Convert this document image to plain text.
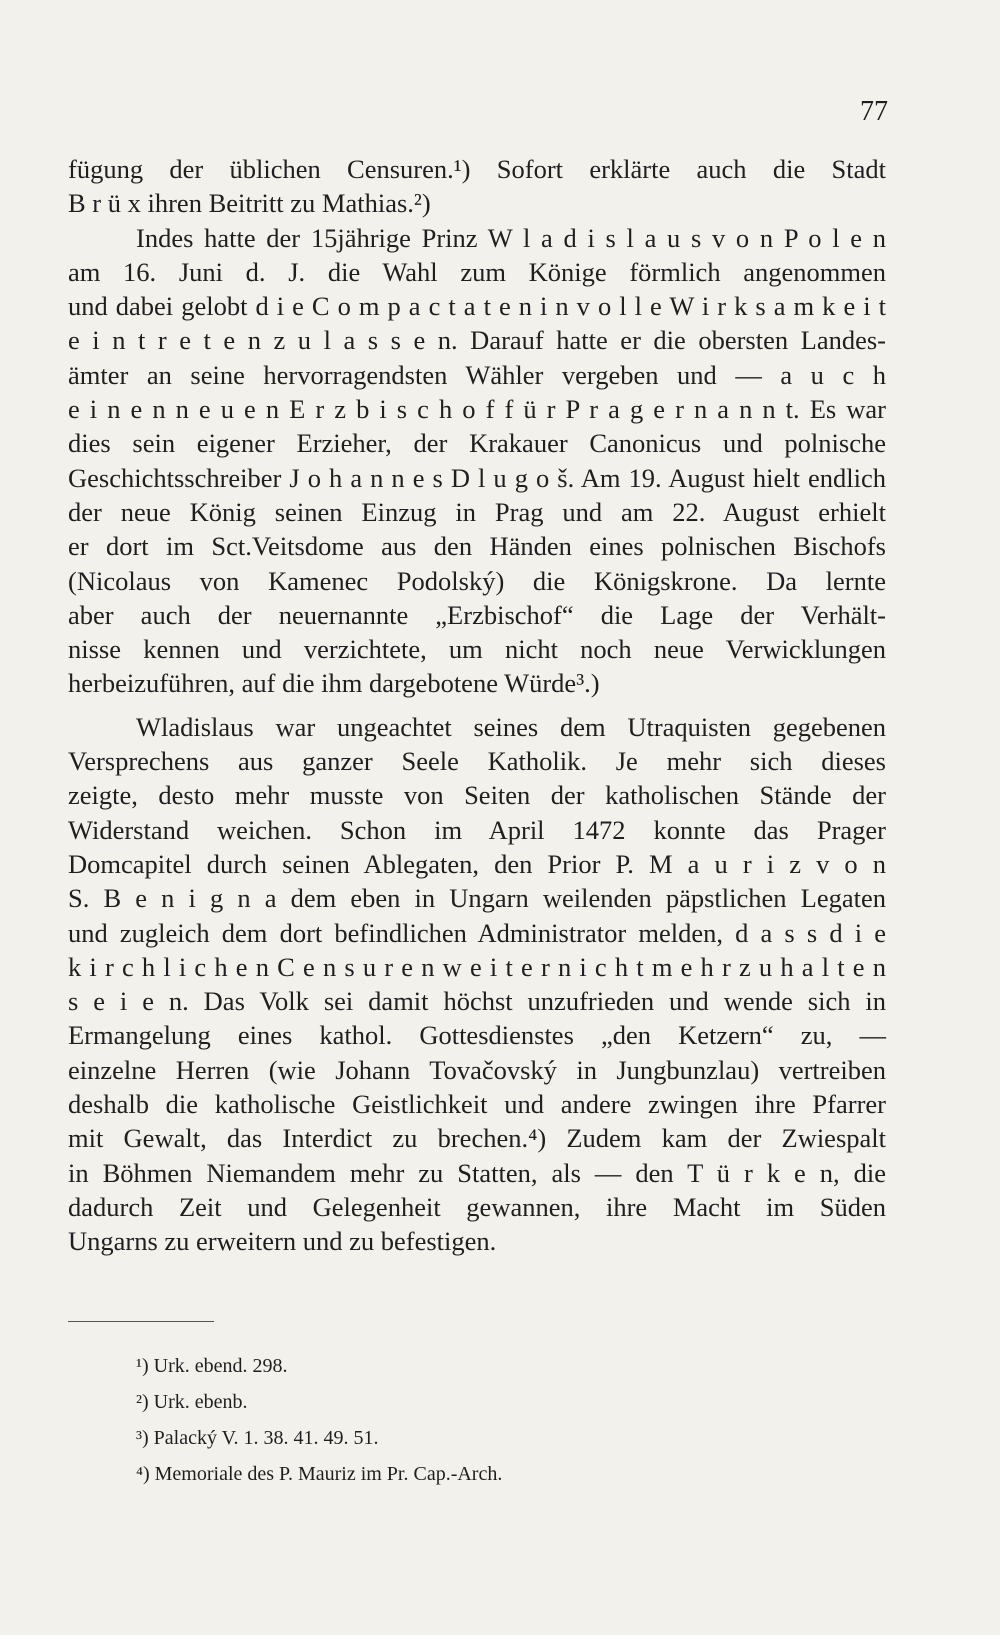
77
fügung der üblichen Censuren.¹) Sofort erklärte auch die Stadt
B r ü x ihren Beitritt zu Mathias.²)
Indes hatte der 15jährige Prinz W l a d i s l a u s v o n P o l e n
am 16. Juni d. J. die Wahl zum Könige förmlich angenommen
und dabei gelobt d i e C o m p a c t a t e n i n v o l l e W i r k s a m k e i t
e i n t r e t e n z u l a s s e n. Darauf hatte er die obersten Landes-
ämter an seine hervorragendsten Wähler vergeben und — a u c h
e i n e n n e u e n E r z b i s c h o f f ü r P r a g e r n a n n t. Es war
dies sein eigener Erzieher, der Krakauer Canonicus und polnische
Geschichtsschreiber J o h a n n e s D l u g o š. Am 19. August hielt endlich
der neue König seinen Einzug in Prag und am 22. August erhielt
er dort im Sct.Veitsdome aus den Händen eines polnischen Bischofs
(Nicolaus von Kamenec Podolský) die Königskrone. Da lernte
aber auch der neuernannte „Erzbischof“ die Lage der Verhält-
nisse kennen und verzichtete, um nicht noch neue Verwicklungen
herbeizuführen, auf die ihm dargebotene Würde³.)
Wladislaus war ungeachtet seines dem Utraquisten gegebenen
Versprechens aus ganzer Seele Katholik. Je mehr sich dieses
zeigte, desto mehr musste von Seiten der katholischen Stände der
Widerstand weichen. Schon im April 1472 konnte das Prager
Domcapitel durch seinen Ablegaten, den Prior P. M a u r i z v o n
S. B e n i g n a dem eben in Ungarn weilenden päpstlichen Legaten
und zugleich dem dort befindlichen Administrator melden, d a s s d i e
k i r c h l i c h e n C e n s u r e n w e i t e r n i c h t m e h r z u h a l t e n
s e i e n. Das Volk sei damit höchst unzufrieden und wende sich in
Ermangelung eines kathol. Gottesdienstes „den Ketzern“ zu, —
einzelne Herren (wie Johann Tovačovský in Jungbunzlau) vertreiben
deshalb die katholische Geistlichkeit und andere zwingen ihre Pfarrer
mit Gewalt, das Interdict zu brechen.⁴) Zudem kam der Zwiespalt
in Böhmen Niemandem mehr zu Statten, als — den T ü r k e n, die
dadurch Zeit und Gelegenheit gewannen, ihre Macht im Süden
Ungarns zu erweitern und zu befestigen.
¹) Urk. ebend. 298.
²) Urk. ebenb.
³) Palacký V. 1. 38. 41. 49. 51.
⁴) Memoriale des P. Mauriz im Pr. Cap.-Arch.
